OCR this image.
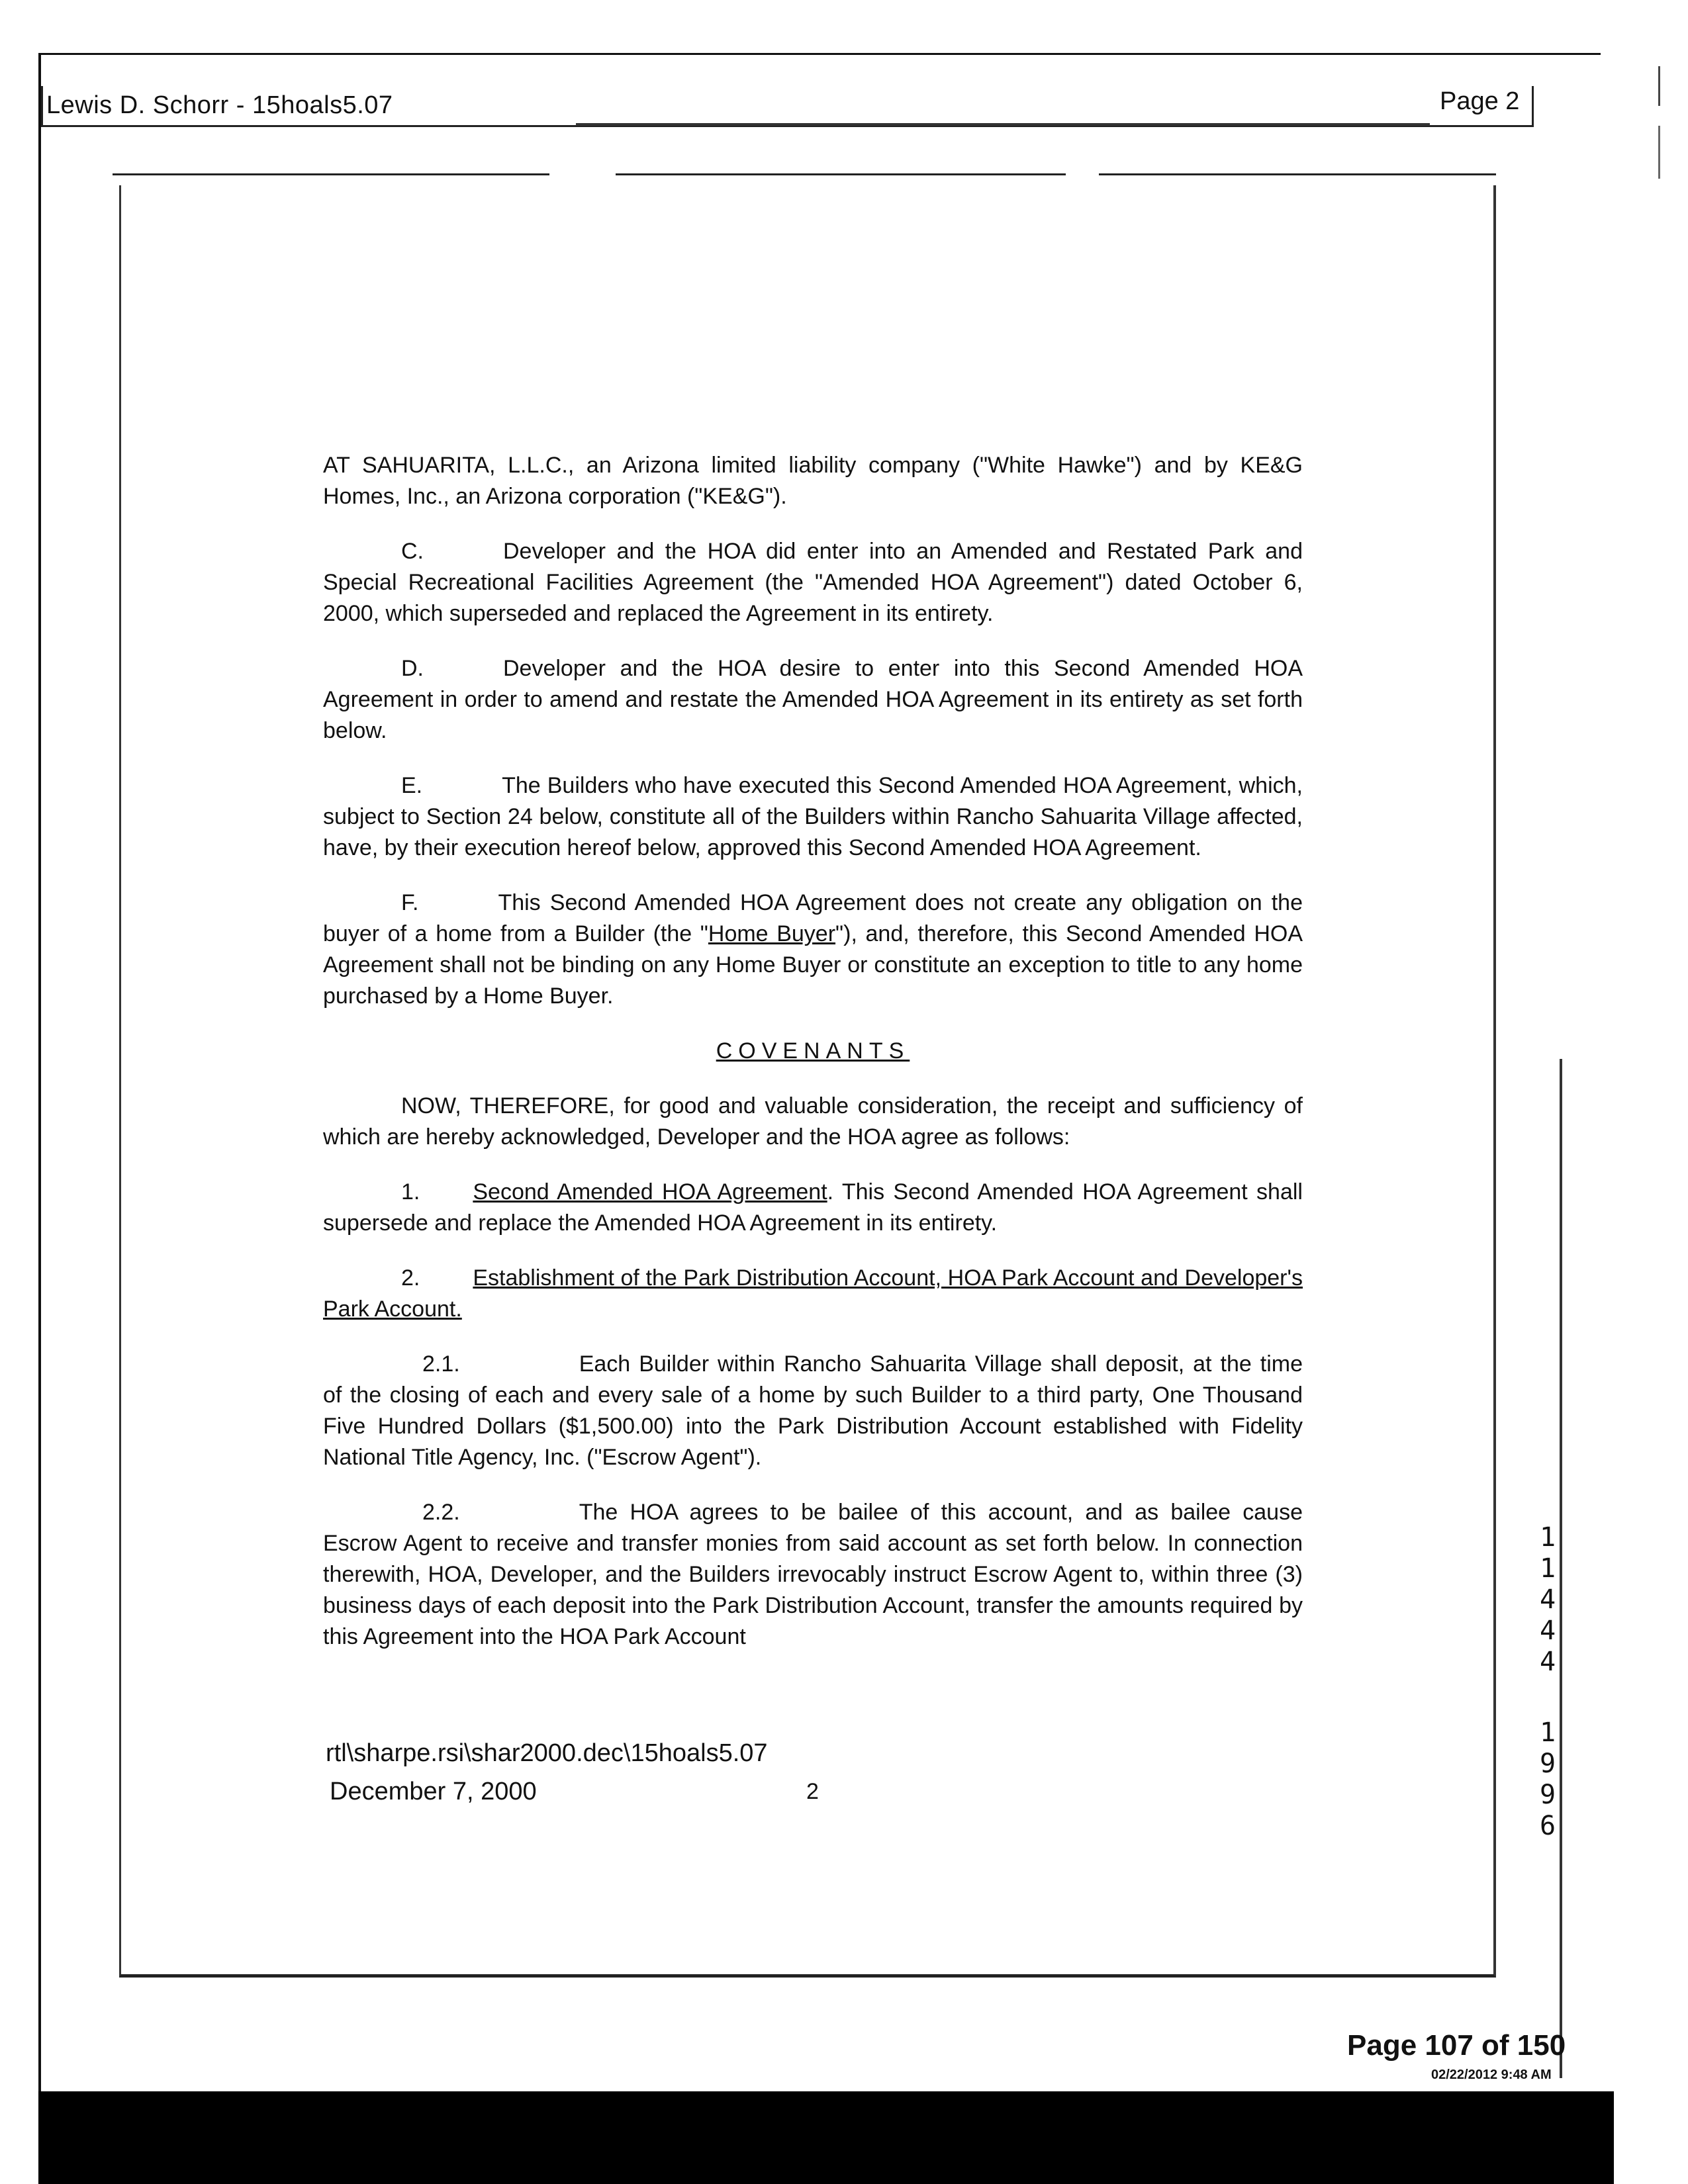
Lewis D. Schorr - 15hoals5.07	Page 2

AT SAHUARITA, L.L.C., an Arizona limited liability company ("White Hawke") and by KE&G Homes, Inc., an Arizona corporation ("KE&G").

C.	Developer and the HOA did enter into an Amended and Restated Park and Special Recreational Facilities Agreement (the "Amended HOA Agreement") dated October 6, 2000, which superseded and replaced the Agreement in its entirety.

D.	Developer and the HOA desire to enter into this Second Amended HOA Agreement in order to amend and restate the Amended HOA Agreement in its entirety as set forth below.

E.	The Builders who have executed this Second Amended HOA Agreement, which, subject to Section 24 below, constitute all of the Builders within Rancho Sahuarita Village affected, have, by their execution hereof below, approved this Second Amended HOA Agreement.

F.	This Second Amended HOA Agreement does not create any obligation on the buyer of a home from a Builder (the "Home Buyer"), and, therefore, this Second Amended HOA Agreement shall not be binding on any Home Buyer or constitute an exception to title to any home purchased by a Home Buyer.

COVENANTS

NOW, THEREFORE, for good and valuable consideration, the receipt and sufficiency of which are hereby acknowledged, Developer and the HOA agree as follows:

1. Second Amended HOA Agreement. This Second Amended HOA Agreement shall supersede and replace the Amended HOA Agreement in its entirety.

2. Establishment of the Park Distribution Account, HOA Park Account and Developer's Park Account.

2.1.	Each Builder within Rancho Sahuarita Village shall deposit, at the time of the closing of each and every sale of a home by such Builder to a third party, One Thousand Five Hundred Dollars ($1,500.00) into the Park Distribution Account established with Fidelity National Title Agency, Inc. ("Escrow Agent").

2.2.	The HOA agrees to be bailee of this account, and as bailee cause Escrow Agent to receive and transfer monies from said account as set forth below. In connection therewith, HOA, Developer, and the Builders irrevocably instruct Escrow Agent to, within three (3) business days of each deposit into the Park Distribution Account, transfer the amounts required by this Agreement into the HOA Park Account

rtl\sharpe.rsi\shar2000.dec\15hoals5.07
December 7, 2000	2
1
1
4
4
4
1
9
9
6
Page 107 of 150
02/22/2012 9:48 AM
